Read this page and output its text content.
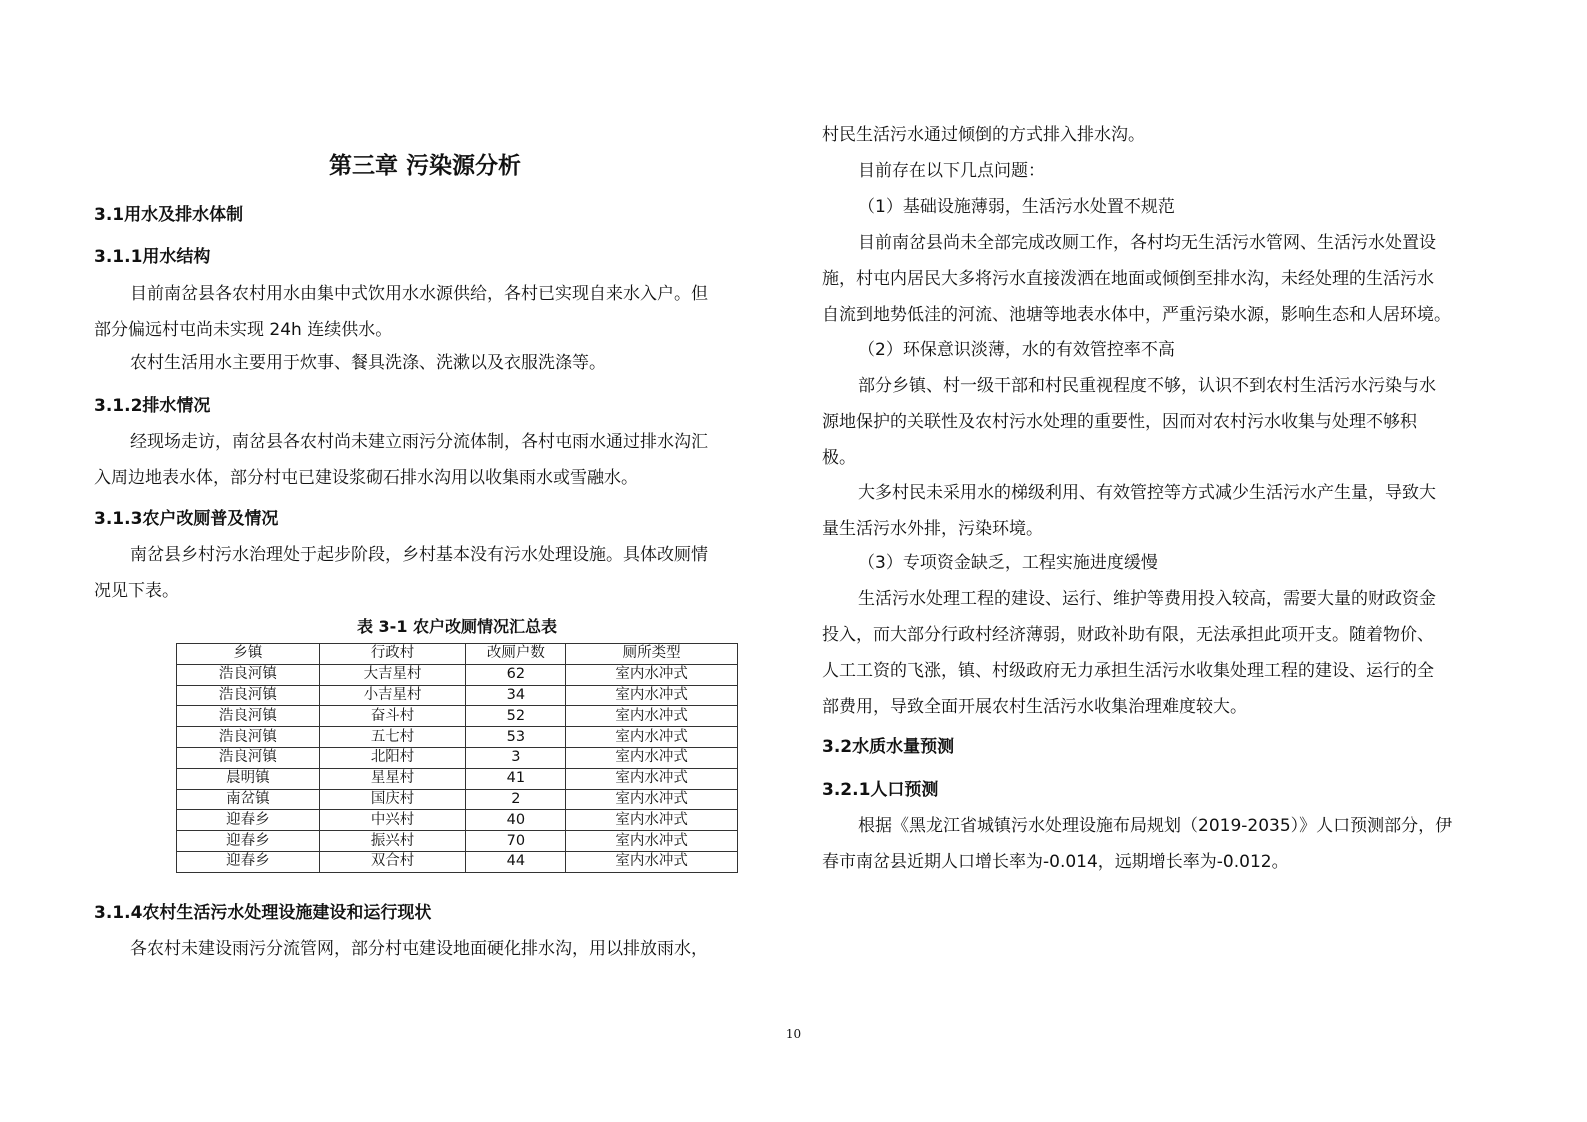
第三章 污染源分析
3.1用水及排水体制
3.1.1用水结构
目前南岔县各农村用水由集中式饮用水水源供给，各村已实现自来水入户。但
部分偏远村屯尚未实现 24h 连续供水。
农村生活用水主要用于炊事、餐具洗涤、洗漱以及衣服洗涤等。
3.1.2排水情况
经现场走访，南岔县各农村尚未建立雨污分流体制，各村屯雨水通过排水沟汇
入周边地表水体，部分村屯已建设浆砌石排水沟用以收集雨水或雪融水。
3.1.3农户改厕普及情况
南岔县乡村污水治理处于起步阶段，乡村基本没有污水处理设施。具体改厕情
况见下表。
表 3-1 农户改厕情况汇总表
乡镇	行政村	改厕户数	厕所类型
浩良河镇	大吉星村	62	室内水冲式
浩良河镇	小吉星村	34	室内水冲式
浩良河镇	奋斗村	52	室内水冲式
浩良河镇	五七村	53	室内水冲式
浩良河镇	北阳村	3	室内水冲式
晨明镇	星星村	41	室内水冲式
南岔镇	国庆村	2	室内水冲式
迎春乡	中兴村	40	室内水冲式
迎春乡	振兴村	70	室内水冲式
迎春乡	双合村	44	室内水冲式
3.1.4农村生活污水处理设施建设和运行现状
各农村未建设雨污分流管网，部分村屯建设地面硬化排水沟，用以排放雨水，
村民生活污水通过倾倒的方式排入排水沟。
目前存在以下几点问题：
（1）基础设施薄弱，生活污水处置不规范
目前南岔县尚未全部完成改厕工作，各村均无生活污水管网、生活污水处置设
施，村屯内居民大多将污水直接泼洒在地面或倾倒至排水沟，未经处理的生活污水
自流到地势低洼的河流、池塘等地表水体中，严重污染水源，影响生态和人居环境。
（2）环保意识淡薄，水的有效管控率不高
部分乡镇、村一级干部和村民重视程度不够，认识不到农村生活污水污染与水
源地保护的关联性及农村污水处理的重要性，因而对农村污水收集与处理不够积
极。
大多村民未采用水的梯级利用、有效管控等方式减少生活污水产生量，导致大
量生活污水外排，污染环境。
（3）专项资金缺乏，工程实施进度缓慢
生活污水处理工程的建设、运行、维护等费用投入较高，需要大量的财政资金
投入，而大部分行政村经济薄弱，财政补助有限，无法承担此项开支。随着物价、
人工工资的飞涨，镇、村级政府无力承担生活污水收集处理工程的建设、运行的全
部费用，导致全面开展农村生活污水收集治理难度较大。
3.2水质水量预测
3.2.1人口预测
根据《黑龙江省城镇污水处理设施布局规划（2019-2035）》人口预测部分，伊
春市南岔县近期人口增长率为-0.014，远期增长率为-0.012。
10
